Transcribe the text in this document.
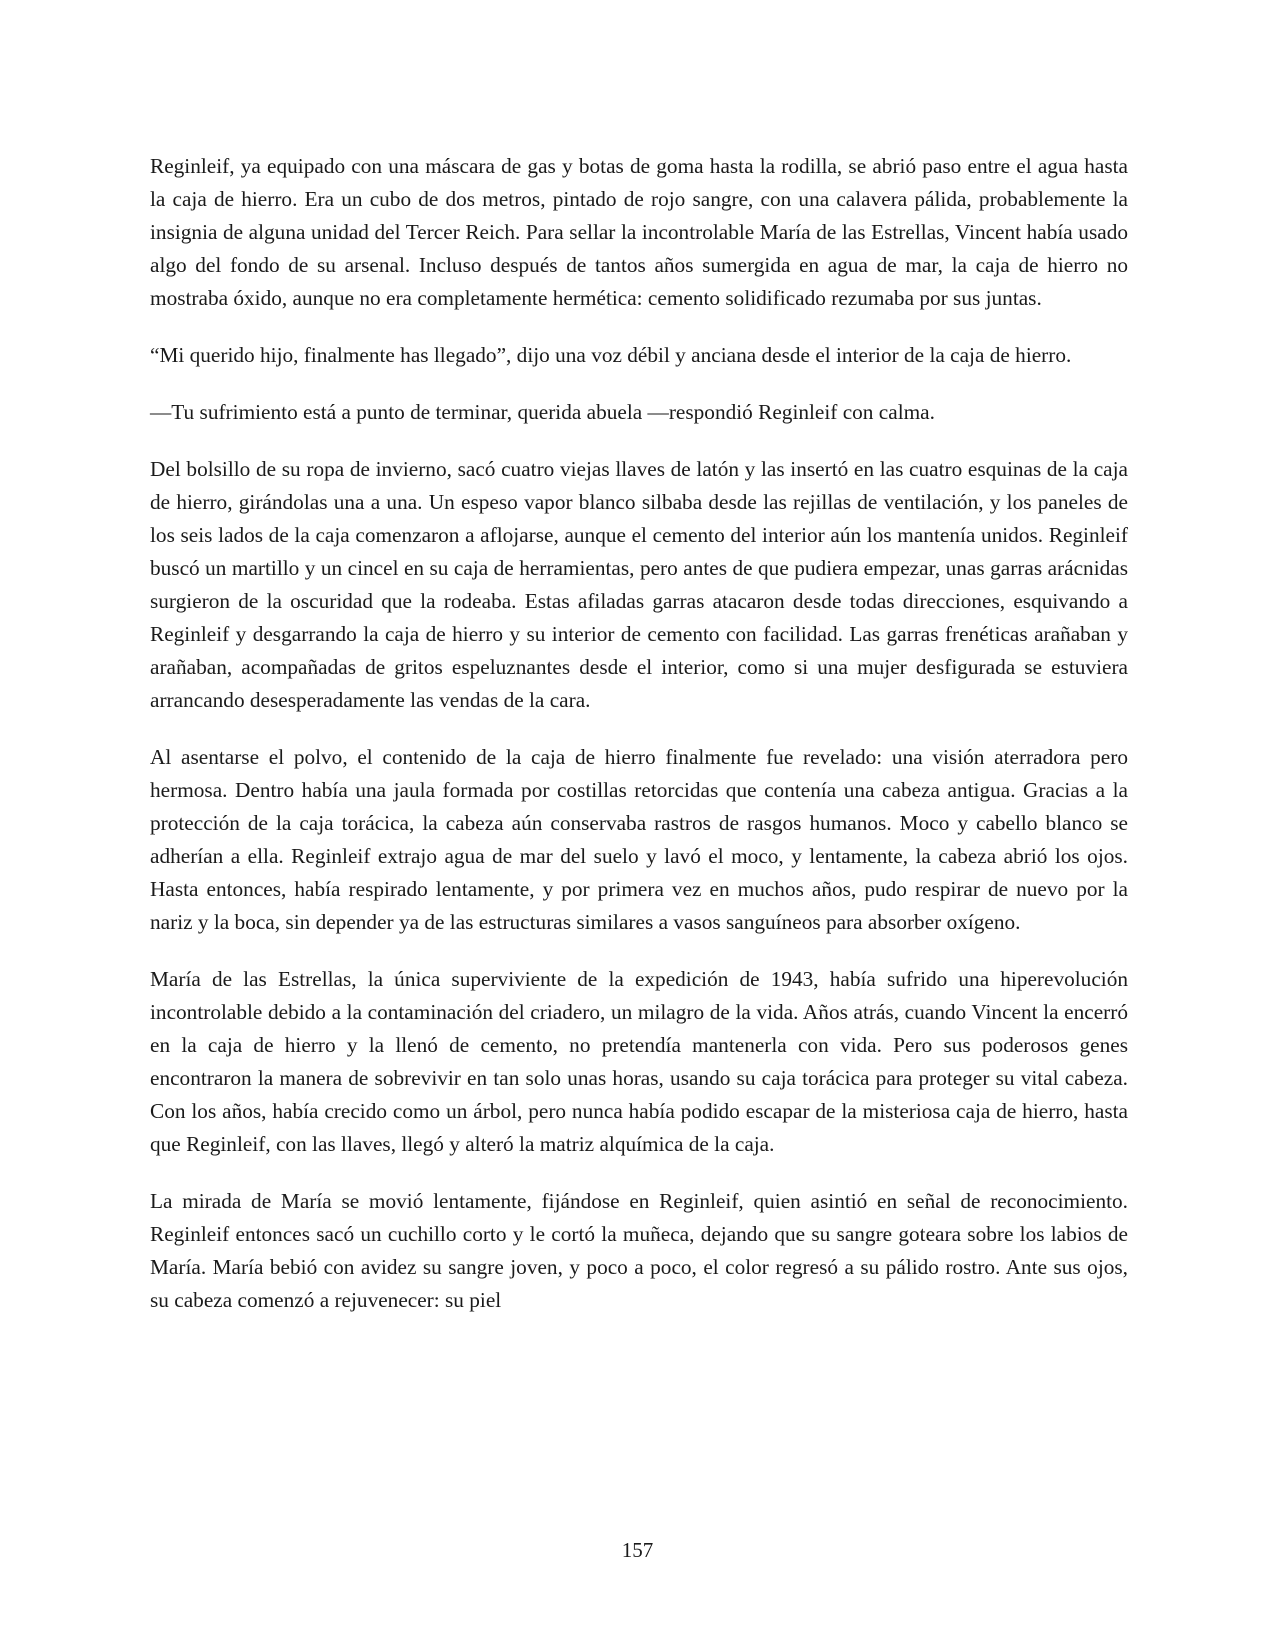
Reginleif, ya equipado con una máscara de gas y botas de goma hasta la rodilla, se abrió paso entre el agua hasta la caja de hierro. Era un cubo de dos metros, pintado de rojo sangre, con una calavera pálida, probablemente la insignia de alguna unidad del Tercer Reich. Para sellar la incontrolable María de las Estrellas, Vincent había usado algo del fondo de su arsenal. Incluso después de tantos años sumergida en agua de mar, la caja de hierro no mostraba óxido, aunque no era completamente hermética: cemento solidificado rezumaba por sus juntas.

“Mi querido hijo, finalmente has llegado”, dijo una voz débil y anciana desde el interior de la caja de hierro.

—Tu sufrimiento está a punto de terminar, querida abuela —respondió Reginleif con calma.

Del bolsillo de su ropa de invierno, sacó cuatro viejas llaves de latón y las insertó en las cuatro esquinas de la caja de hierro, girándolas una a una. Un espeso vapor blanco silbaba desde las rejillas de ventilación, y los paneles de los seis lados de la caja comenzaron a aflojarse, aunque el cemento del interior aún los mantenía unidos. Reginleif buscó un martillo y un cincel en su caja de herramientas, pero antes de que pudiera empezar, unas garras arácnidas surgieron de la oscuridad que la rodeaba. Estas afiladas garras atacaron desde todas direcciones, esquivando a Reginleif y desgarrando la caja de hierro y su interior de cemento con facilidad. Las garras frenéticas arañaban y arañaban, acompañadas de gritos espeluznantes desde el interior, como si una mujer desfigurada se estuviera arrancando desesperadamente las vendas de la cara.

Al asentarse el polvo, el contenido de la caja de hierro finalmente fue revelado: una visión aterradora pero hermosa. Dentro había una jaula formada por costillas retorcidas que contenía una cabeza antigua. Gracias a la protección de la caja torácica, la cabeza aún conservaba rastros de rasgos humanos. Moco y cabello blanco se adherían a ella. Reginleif extrajo agua de mar del suelo y lavó el moco, y lentamente, la cabeza abrió los ojos. Hasta entonces, había respirado lentamente, y por primera vez en muchos años, pudo respirar de nuevo por la nariz y la boca, sin depender ya de las estructuras similares a vasos sanguíneos para absorber oxígeno.

María de las Estrellas, la única superviviente de la expedición de 1943, había sufrido una hiperevolución incontrolable debido a la contaminación del criadero, un milagro de la vida. Años atrás, cuando Vincent la encerró en la caja de hierro y la llenó de cemento, no pretendía mantenerla con vida. Pero sus poderosos genes encontraron la manera de sobrevivir en tan solo unas horas, usando su caja torácica para proteger su vital cabeza. Con los años, había crecido como un árbol, pero nunca había podido escapar de la misteriosa caja de hierro, hasta que Reginleif, con las llaves, llegó y alteró la matriz alquímica de la caja.

La mirada de María se movió lentamente, fijándose en Reginleif, quien asintió en señal de reconocimiento. Reginleif entonces sacó un cuchillo corto y le cortó la muñeca, dejando que su sangre goteara sobre los labios de María. María bebió con avidez su sangre joven, y poco a poco, el color regresó a su pálido rostro. Ante sus ojos, su cabeza comenzó a rejuvenecer: su piel

157
